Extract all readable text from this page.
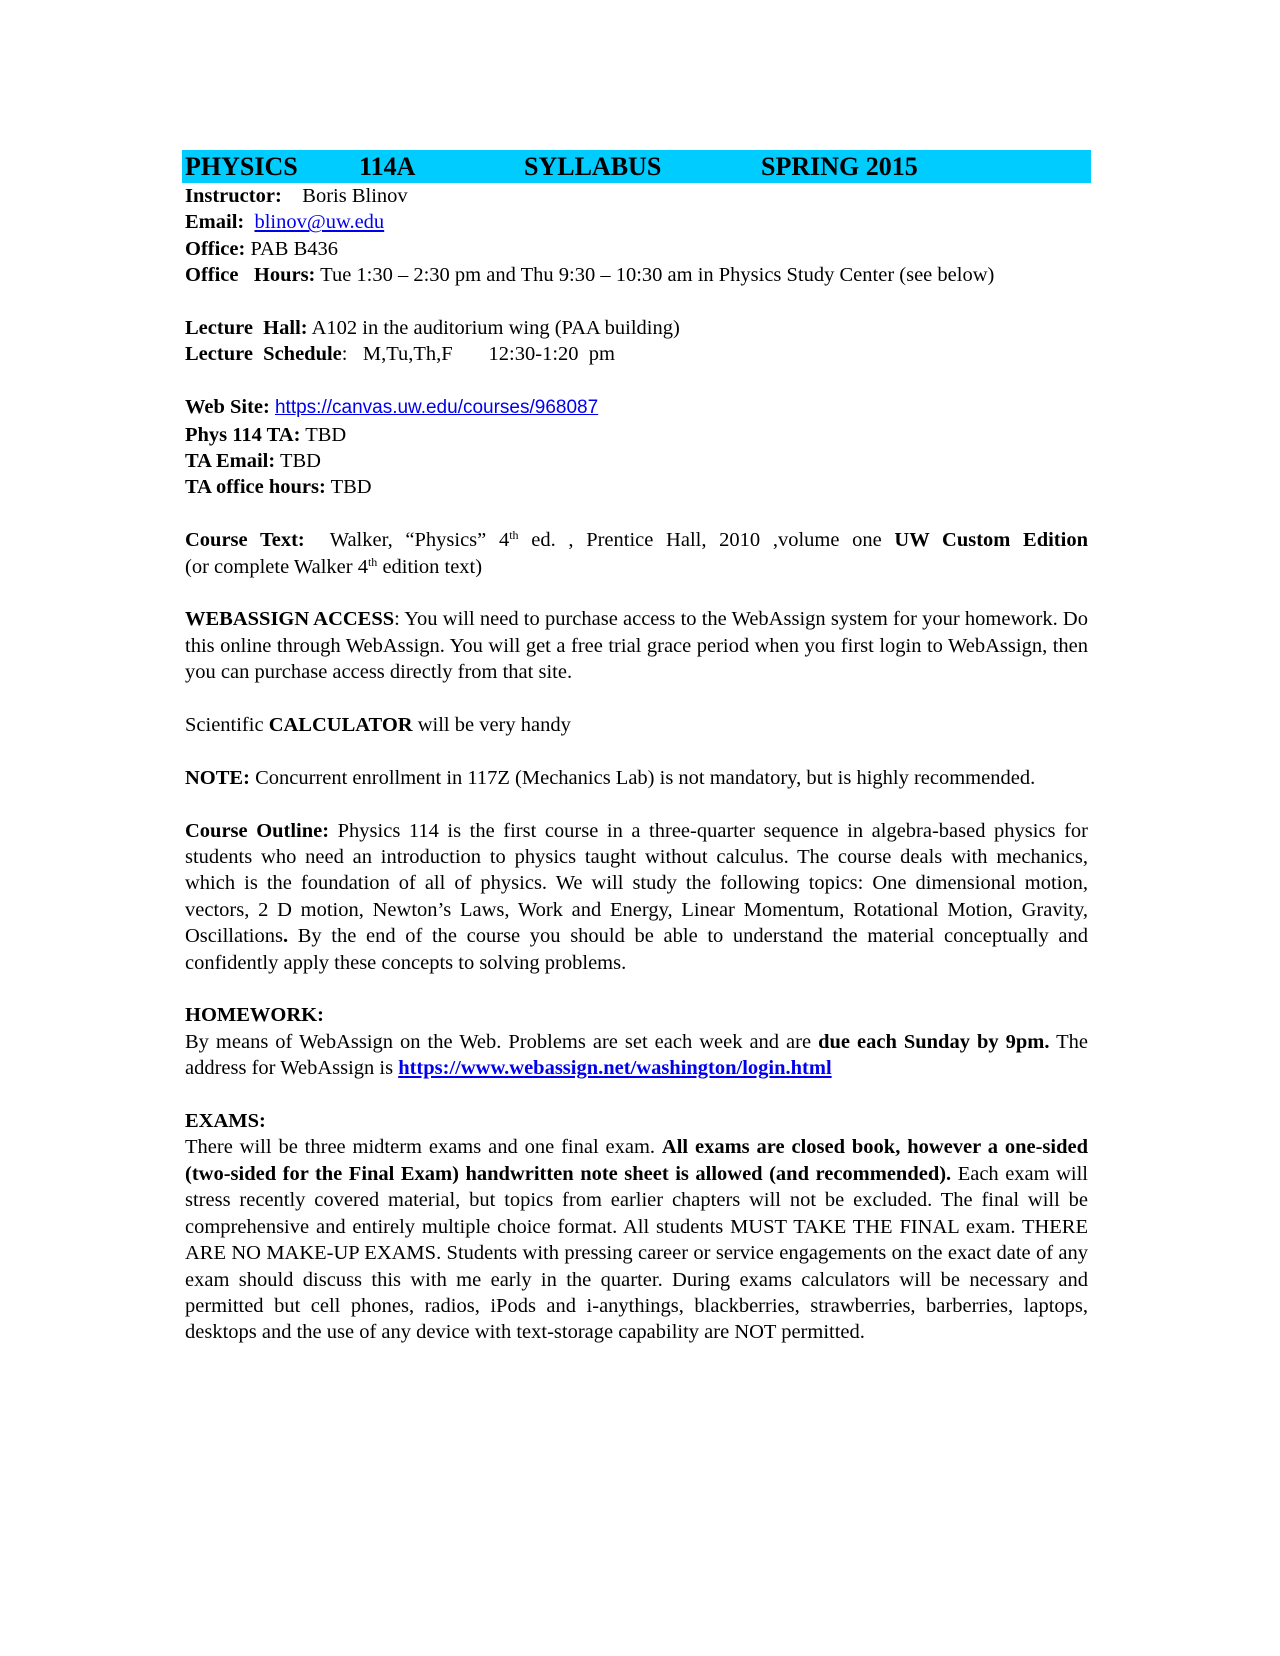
PHYSICS 114A	SYLLABUS	SPRING 2015

Instructor: Boris Blinov

Email: blinov@uw.edu

Office: PAB B436

Office   Hours: Tue 1:30 – 2:30 pm and Thu 9:30 – 10:30 am in Physics Study Center (see below)

Lecture  Hall: A102 in the auditorium wing (PAA building)

Lecture  Schedule:   M,Tu,Th,F       12:30-1:20  pm

Web Site: https://canvas.uw.edu/courses/968087

Phys 114 TA: TBD

TA Email: TBD

TA office hours: TBD

Course Text: Walker, “Physics” 4th ed. , Prentice Hall, 2010 ,volume one UW Custom Edition

(or complete Walker 4th edition text)

WEBASSIGN ACCESS: You will need to purchase access to the WebAssign system for your homework. Do this online through WebAssign. You will get a free trial grace period when you first login to WebAssign, then you can purchase access directly from that site.

Scientific CALCULATOR will be very handy

NOTE: Concurrent enrollment in 117Z (Mechanics Lab) is not mandatory, but is highly recommended.

Course Outline: Physics 114 is the first course in a three-quarter sequence in algebra-based physics for students who need an introduction to physics taught without calculus. The course deals with mechanics, which is the foundation of all of physics. We will study the following topics: One dimensional motion, vectors, 2 D motion, Newton’s Laws, Work and Energy, Linear Momentum, Rotational Motion, Gravity, Oscillations. By the end of the course you should be able to understand the material conceptually and confidently apply these concepts to solving problems.

HOMEWORK:

By means of WebAssign on the Web. Problems are set each week and are due each Sunday by 9pm. The address for WebAssign is https://www.webassign.net/washington/login.html

EXAMS:

There will be three midterm exams and one final exam. All exams are closed book, however a one-sided (two-sided for the Final Exam) handwritten note sheet is allowed (and recommended). Each exam will stress recently covered material, but topics from earlier chapters will not be excluded. The final will be comprehensive and entirely multiple choice format. All students MUST TAKE THE FINAL exam. THERE ARE NO MAKE-UP EXAMS. Students with pressing career or service engagements on the exact date of any exam should discuss this with me early in the quarter. During exams calculators will be necessary and permitted but cell phones, radios, iPods and i-anythings, blackberries, strawberries, barberries, laptops, desktops and the use of any device with text-storage capability are NOT permitted.
